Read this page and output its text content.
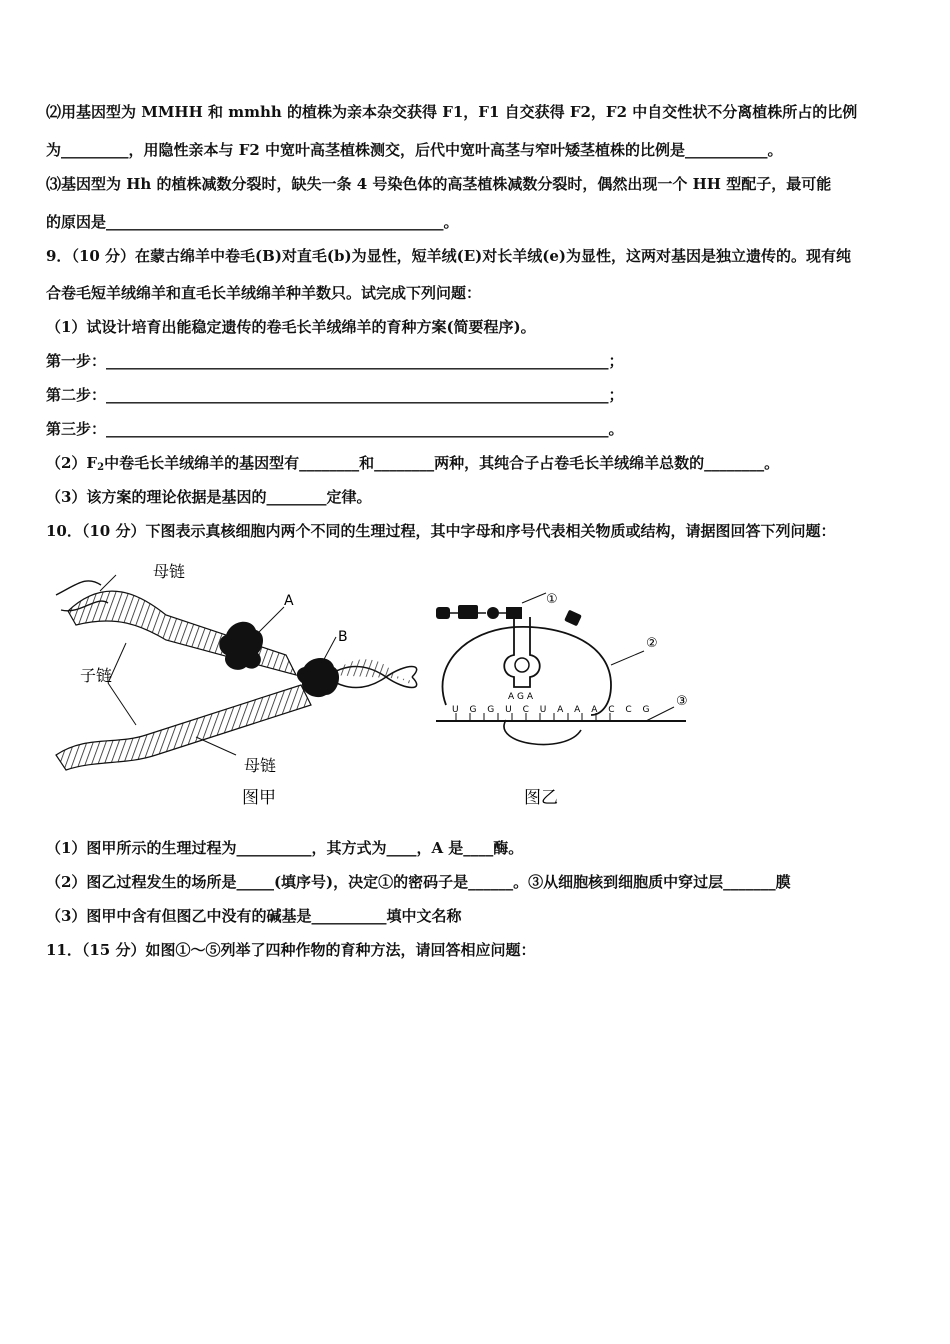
⑵用基因型为 MMHH 和 mmhh 的植株为亲本杂交获得 F1，F1 自交获得 F2，F2 中自交性状不分离植株所占的比例
为_________，用隐性亲本与 F2 中宽叶高茎植株测交，后代中宽叶高茎与窄叶矮茎植株的比例是___________。
⑶基因型为 Hh 的植株减数分裂时，缺失一条 4 号染色体的高茎植株减数分裂时，偶然出现一个 HH 型配子，最可能
的原因是_____________________________________________。
9．（10 分）在蒙古绵羊中卷毛(B)对直毛(b)为显性，短羊绒(E)对长羊绒(e)为显性，这两对基因是独立遗传的。现有纯
合卷毛短羊绒绵羊和直毛长羊绒绵羊种羊数只。试完成下列问题：
（1）试设计培育出能稳定遗传的卷毛长羊绒绵羊的育种方案(简要程序)。
第一步：___________________________________________________________________；
第二步：___________________________________________________________________；
第三步：___________________________________________________________________。
$(2)F_2$中卷毛长羊绒绵羊的基因型有________和________两种，其纯合子占卷毛长羊绒绵羊总数的________。
（3）该方案的理论依据是基因的________定律。
10．（10 分）下图表示真核细胞内两个不同的生理过程，其中字母和序号代表相关物质或结构，请据图回答下列问题：
母链
A
B
子链
母链
图甲
①
②
③
A G A
U G G U C U A A A C C G
图乙
（1）图甲所示的生理过程为__________，其方式为____，A 是____酶。
（2）图乙过程发生的场所是_____(填序号)，决定①的密码子是______。③从细胞核到细胞质中穿过层_______膜
（3）图甲中含有但图乙中没有的碱基是__________填中文名称
11．（15 分）如图①～⑤列举了四种作物的育种方法，请回答相应问题：
